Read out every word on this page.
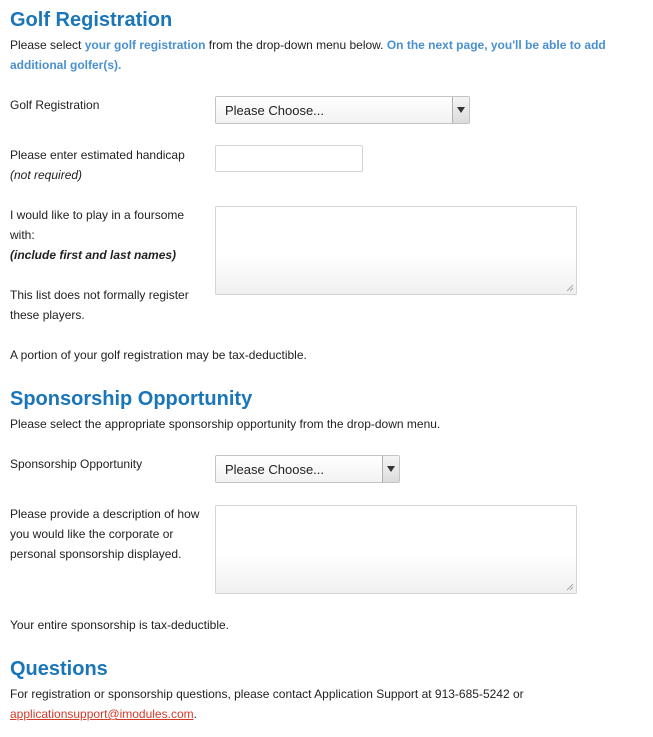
Golf Registration
Please select your golf registration from the drop-down menu below. On the next page, you'll be able to add additional golfer(s).
Golf Registration	Please Choose...
Please enter estimated handicap
(not required)
I would like to play in a foursome with:
(include first and last names)
This list does not formally register these players.
A portion of your golf registration may be tax-deductible.
Sponsorship Opportunity
Please select the appropriate sponsorship opportunity from the drop-down menu.
Sponsorship Opportunity	Please Choose...
Please provide a description of how you would like the corporate or personal sponsorship displayed.
Your entire sponsorship is tax-deductible.
Questions
For registration or sponsorship questions, please contact Application Support at 913-685-5242 or
applicationsupport@imodules.com.
